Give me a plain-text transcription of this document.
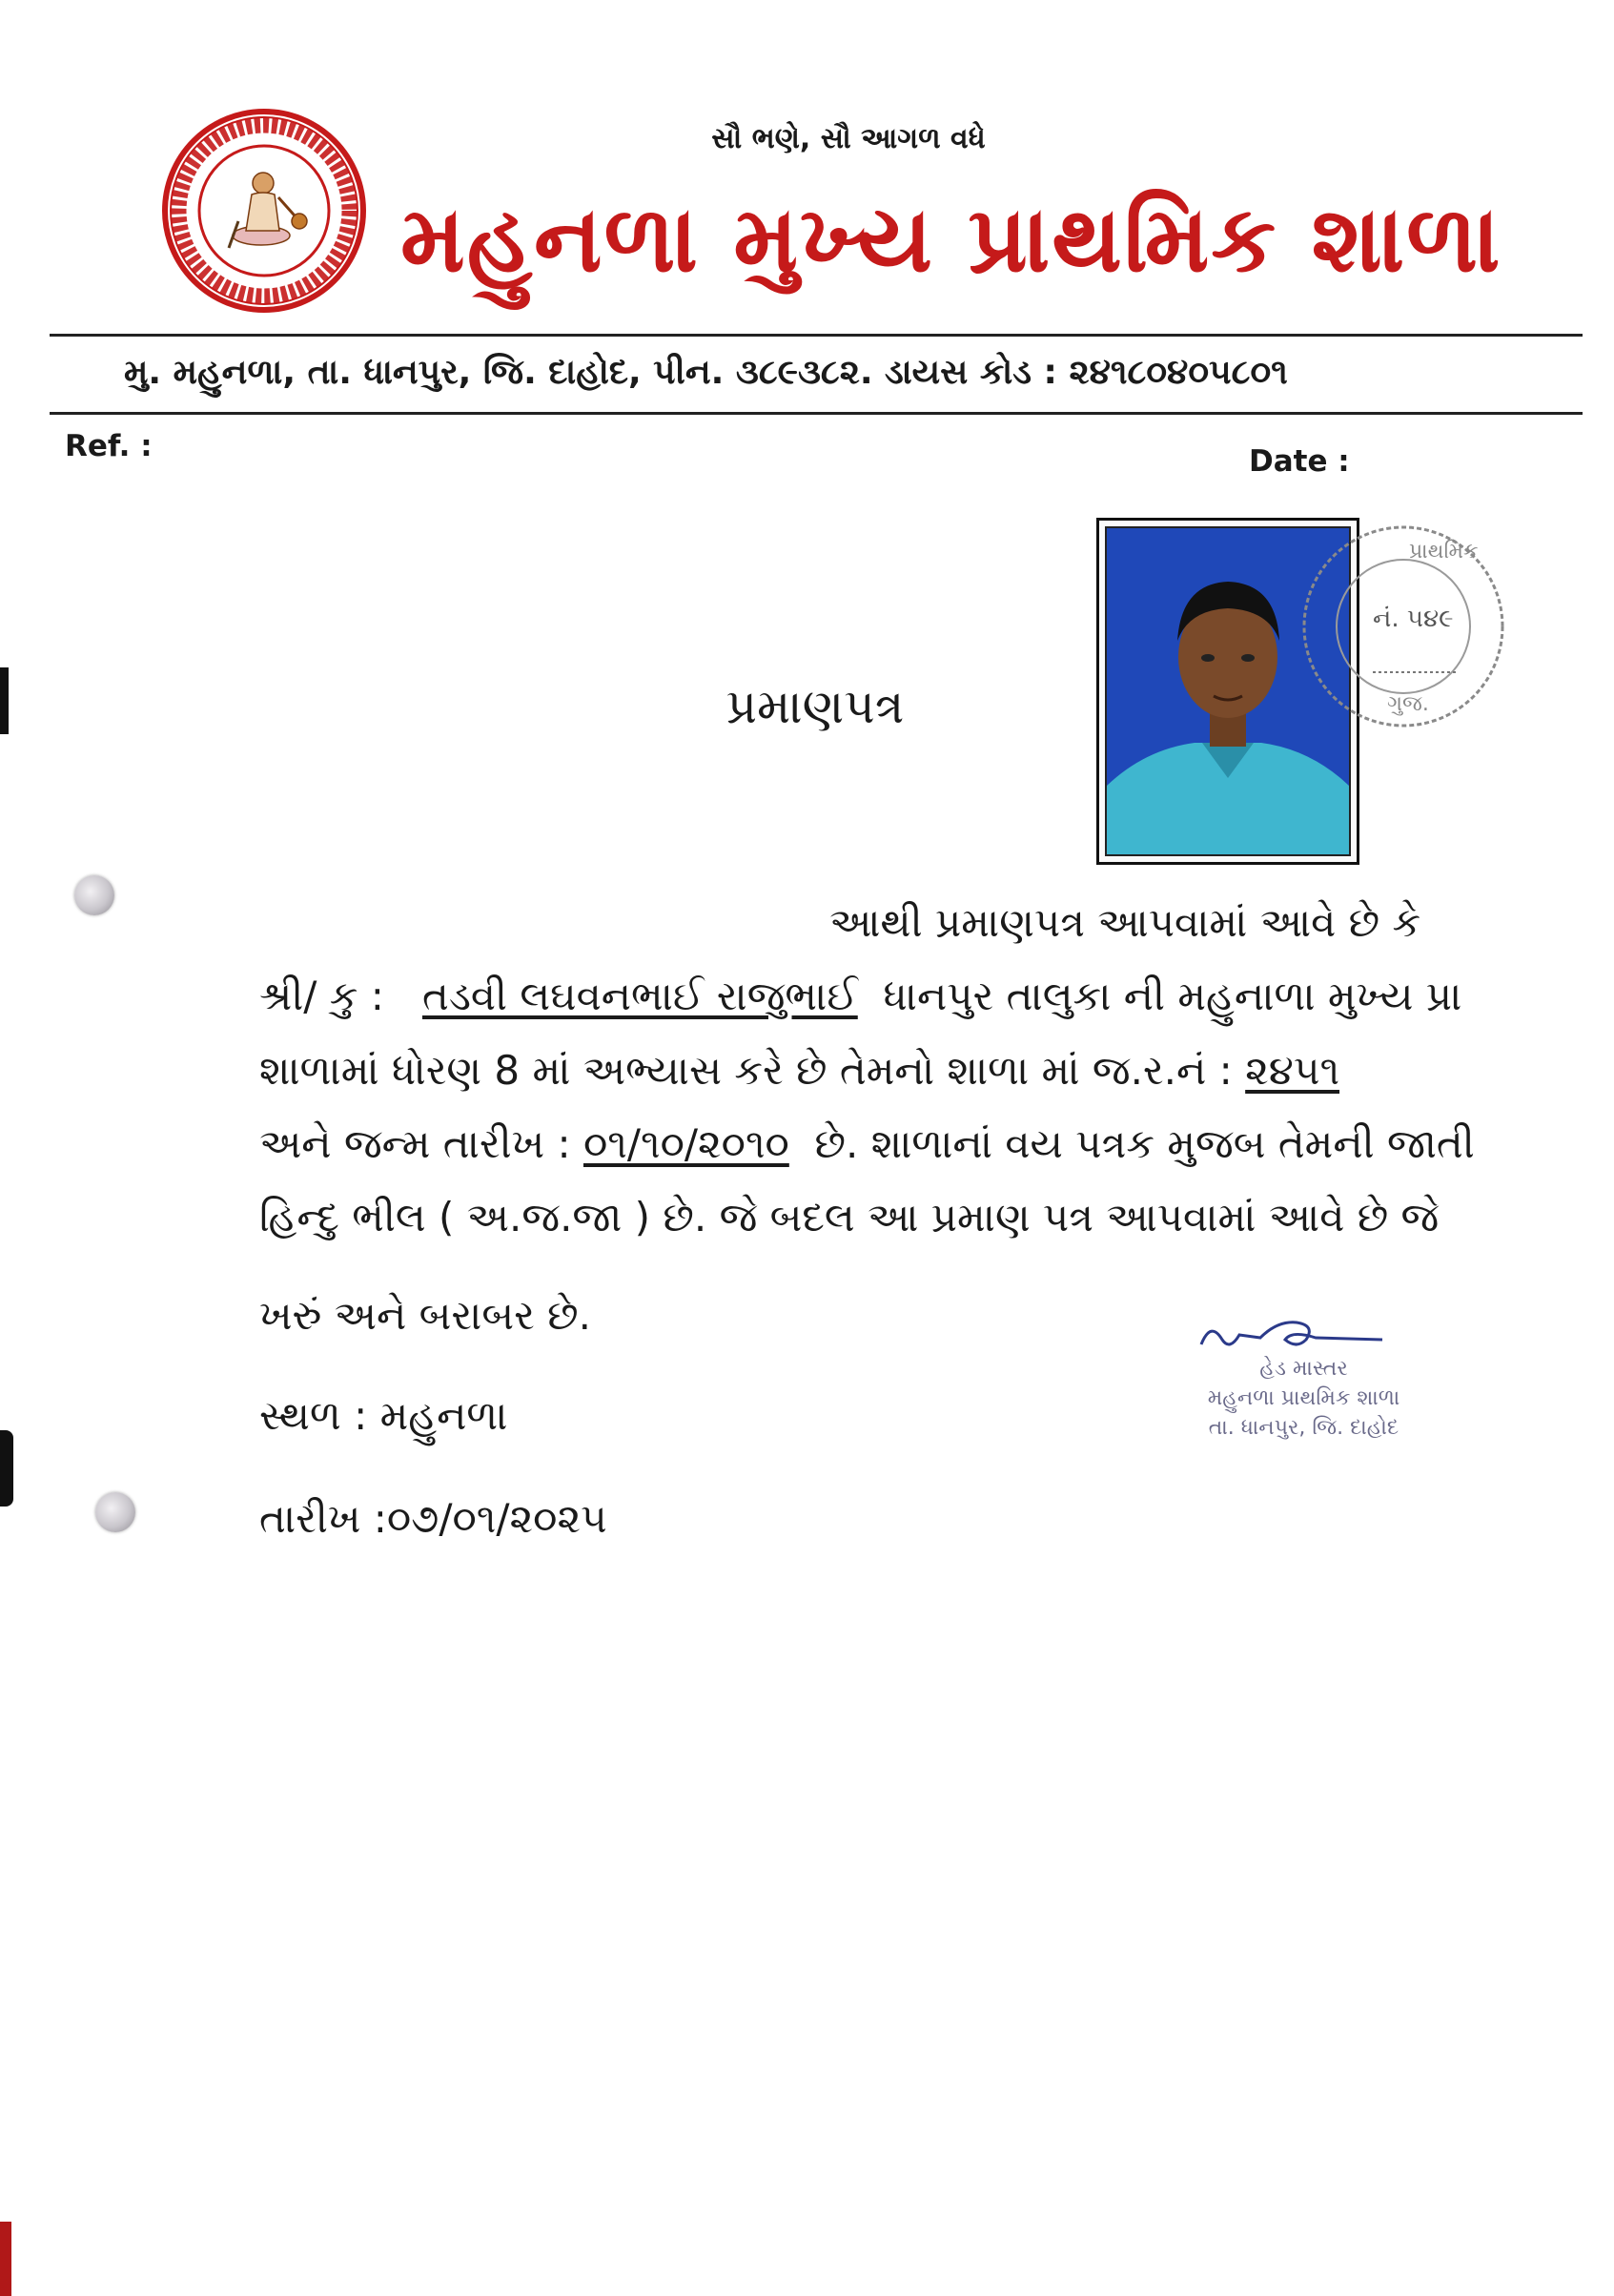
સૌ ભણે, સૌ આગળ વધે
મહુનળા મુખ્ય પ્રાથમિક શાળા
મુ. મહુનળા, તા. ધાનપુર, જિ. દાહોદ, પીન. ૩૮૯૩૮૨. ડાયસ કોડ : ૨૪૧૮૦૪૦૫૮૦૧
Ref. :	Date :
પ્રાથમિક
નં. ૫૪૯
ગુજ.
પ્રમાણપત્ર
આથી પ્રમાણપત્ર આપવામાં આવે છે કે
શ્રી/ કુ : તડવી લઘવનભાઈ રાજુભાઈ ધાનપુર તાલુકા ની મહુનાળા મુખ્ય પ્રા
શાળામાં ધોરણ 8 માં અભ્યાસ કરે છે તેમનો શાળા માં જ.ર.નં : ૨૪૫૧
અને જન્મ તારીખ : ૦૧/૧૦/૨૦૧૦ છે. શાળાનાં વય પત્રક મુજબ તેમની જાતી
હિન્દુ ભીલ ( અ.જ.જા ) છે. જે બદલ આ પ્રમાણ પત્ર આપવામાં આવે છે જે
ખરું અને બરાબર છે.
સ્થળ : મહુનળા
તારીખ :૦૭/૦૧/૨૦૨૫
હેડ માસ્તર
મહુનળા પ્રાથમિક શાળા
તા. ધાનપુર, જિ. દાહોદ
